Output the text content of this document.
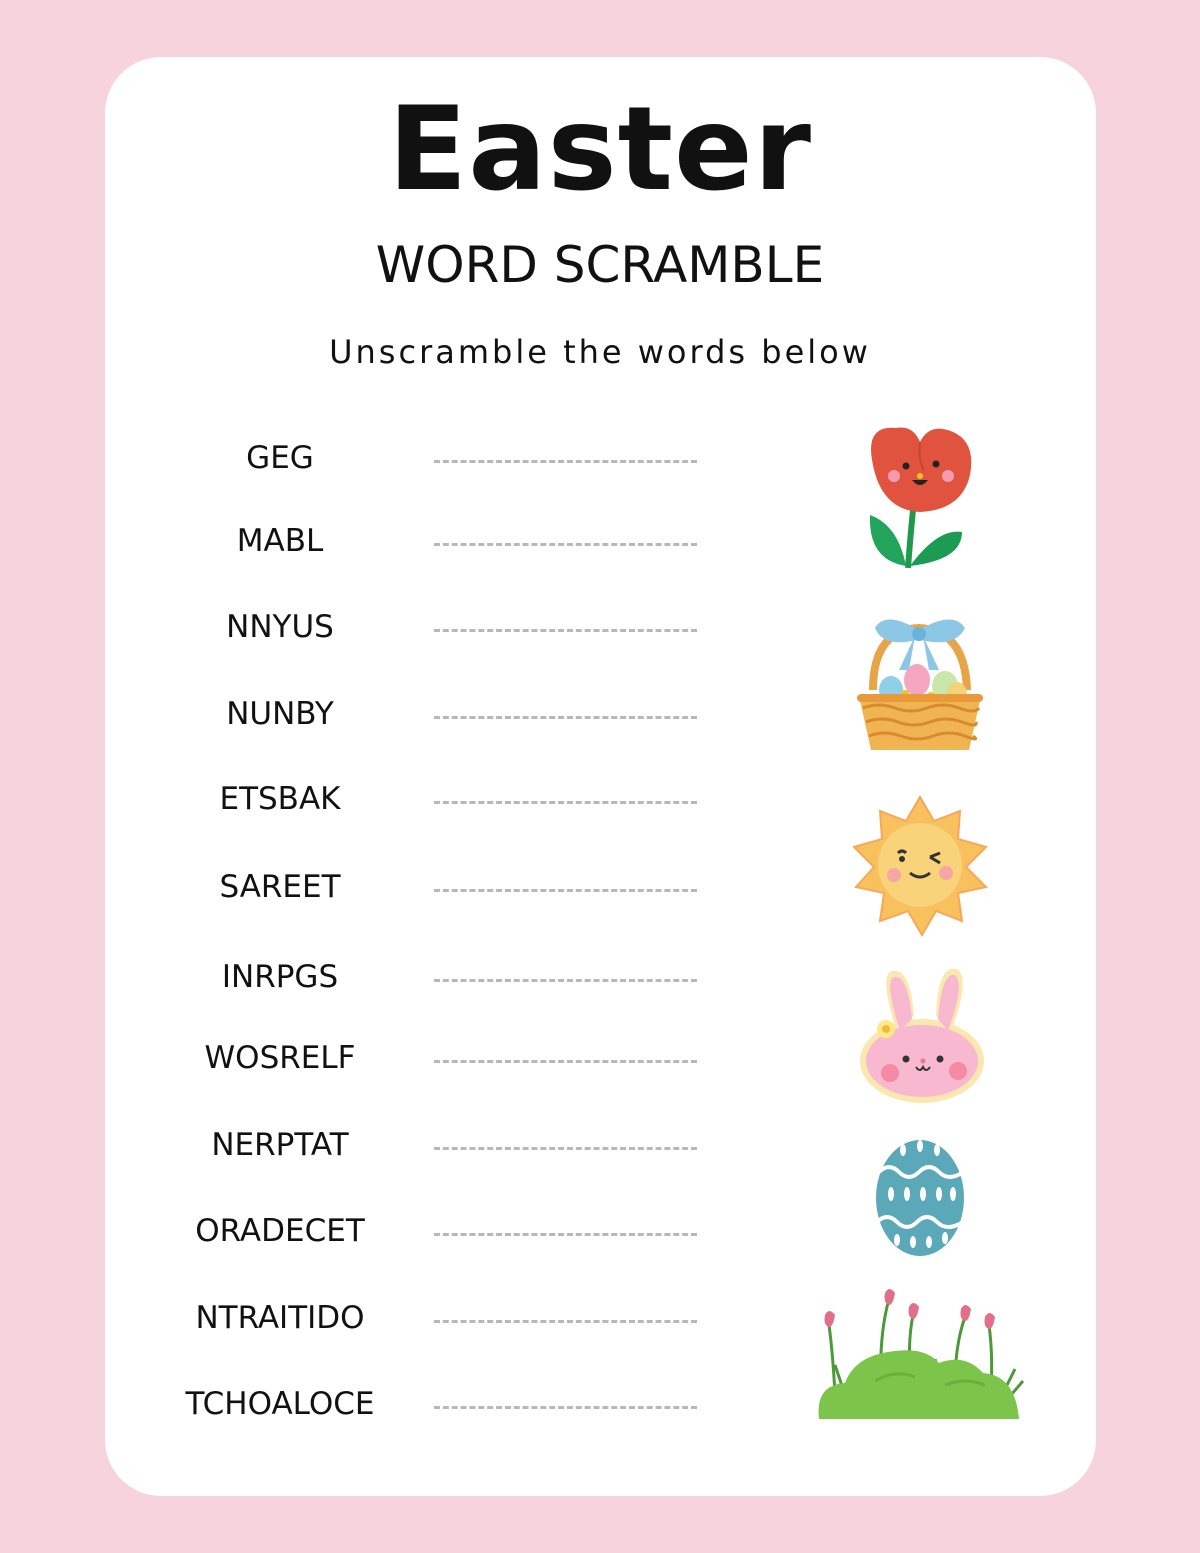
Easter
WORD SCRAMBLE
Unscramble the words below
GEG
MABL
NNYUS
NUNBY
ETSBAK
SAREET
INRPGS
WOSRELF
NERPTAT
ORADECET
NTRAITIDO
TCHOALOCE
